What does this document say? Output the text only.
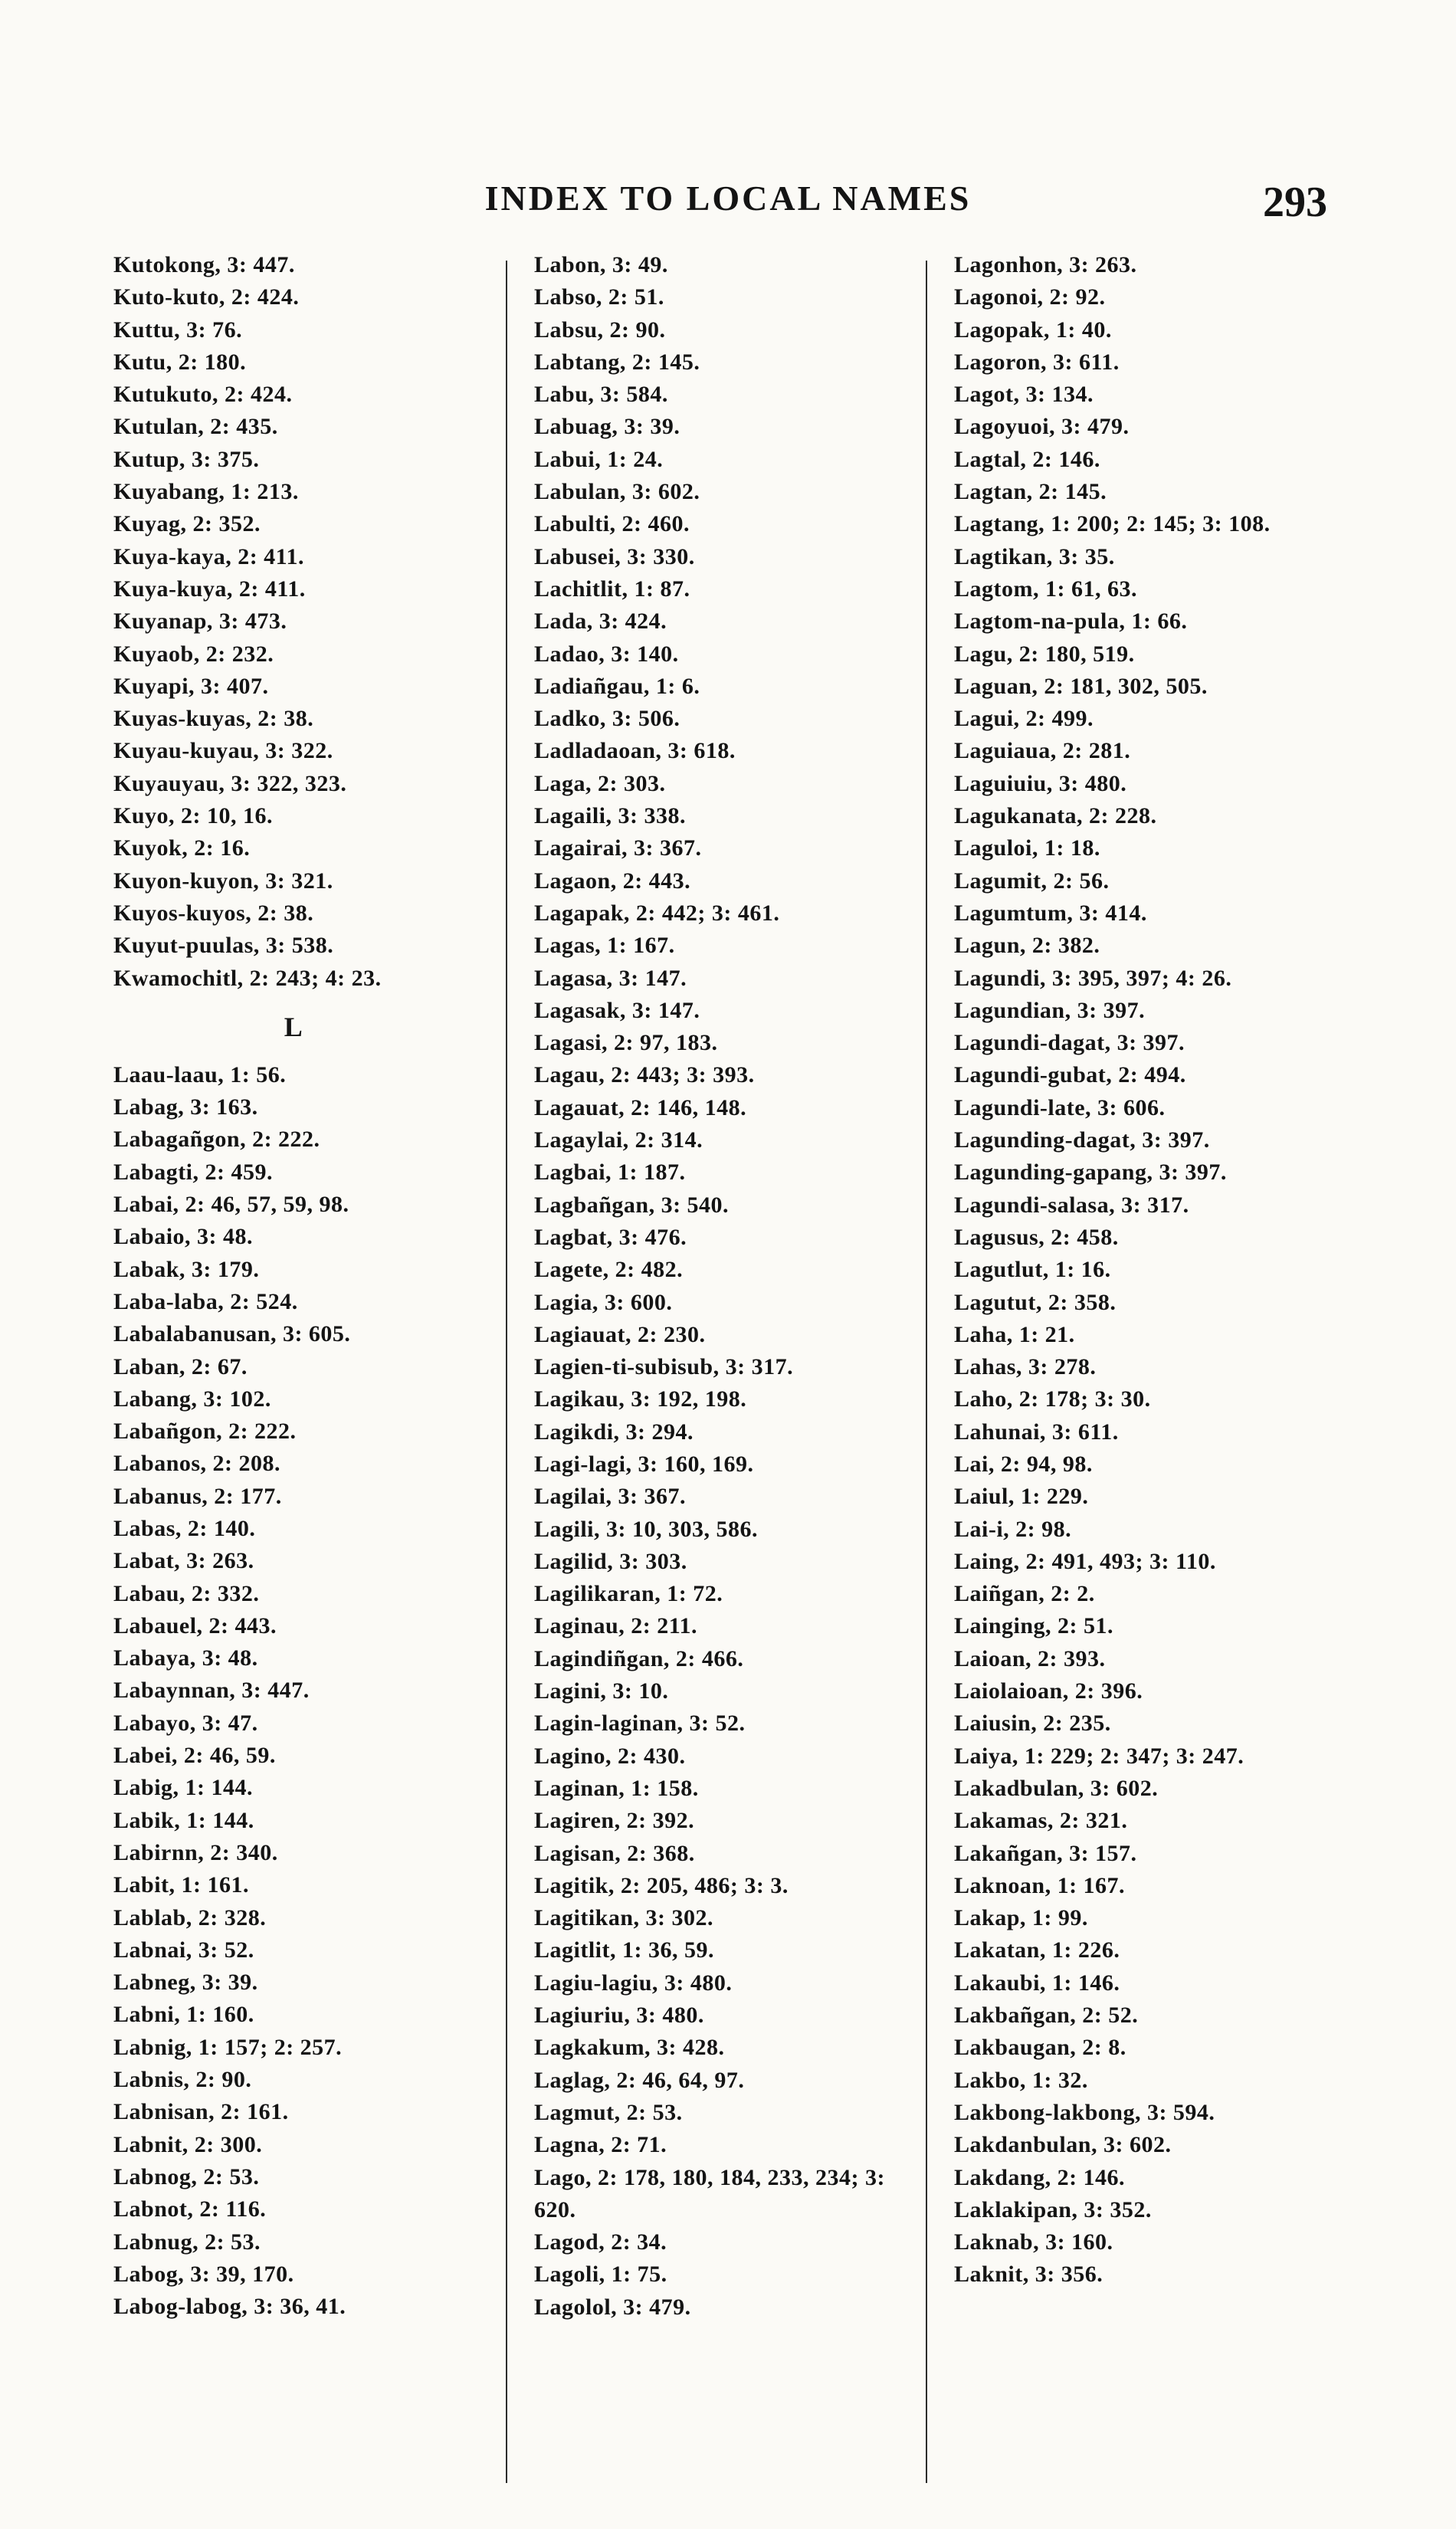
INDEX TO LOCAL NAMES	293
Kutokong, 3: 447.
Kuto-kuto, 2: 424.
Kuttu, 3: 76.
Kutu, 2: 180.
Kutukuto, 2: 424.
Kutulan, 2: 435.
Kutup, 3: 375.
Kuyabang, 1: 213.
Kuyag, 2: 352.
Kuya-kaya, 2: 411.
Kuya-kuya, 2: 411.
Kuyanap, 3: 473.
Kuyaob, 2: 232.
Kuyapi, 3: 407.
Kuyas-kuyas, 2: 38.
Kuyau-kuyau, 3: 322.
Kuyauyau, 3: 322, 323.
Kuyo, 2: 10, 16.
Kuyok, 2: 16.
Kuyon-kuyon, 3: 321.
Kuyos-kuyos, 2: 38.
Kuyut-puulas, 3: 538.
Kwamochitl, 2: 243; 4: 23.
L
Laau-laau, 1: 56.
Labag, 3: 163.
Labagañgon, 2: 222.
Labagti, 2: 459.
Labai, 2: 46, 57, 59, 98.
Labaio, 3: 48.
Labak, 3: 179.
Laba-laba, 2: 524.
Labalabanusan, 3: 605.
Laban, 2: 67.
Labang, 3: 102.
Labañgon, 2: 222.
Labanos, 2: 208.
Labanus, 2: 177.
Labas, 2: 140.
Labat, 3: 263.
Labau, 2: 332.
Labauel, 2: 443.
Labaya, 3: 48.
Labaynnan, 3: 447.
Labayo, 3: 47.
Labei, 2: 46, 59.
Labig, 1: 144.
Labik, 1: 144.
Labirnn, 2: 340.
Labit, 1: 161.
Lablab, 2: 328.
Labnai, 3: 52.
Labneg, 3: 39.
Labni, 1: 160.
Labnig, 1: 157; 2: 257.
Labnis, 2: 90.
Labnisan, 2: 161.
Labnit, 2: 300.
Labnog, 2: 53.
Labnot, 2: 116.
Labnug, 2: 53.
Labog, 3: 39, 170.
Labog-labog, 3: 36, 41.
Labon, 3: 49.
Labso, 2: 51.
Labsu, 2: 90.
Labtang, 2: 145.
Labu, 3: 584.
Labuag, 3: 39.
Labui, 1: 24.
Labulan, 3: 602.
Labulti, 2: 460.
Labusei, 3: 330.
Lachitlit, 1: 87.
Lada, 3: 424.
Ladao, 3: 140.
Ladiañgau, 1: 6.
Ladko, 3: 506.
Ladladaoan, 3: 618.
Laga, 2: 303.
Lagaili, 3: 338.
Lagairai, 3: 367.
Lagaon, 2: 443.
Lagapak, 2: 442; 3: 461.
Lagas, 1: 167.
Lagasa, 3: 147.
Lagasak, 3: 147.
Lagasi, 2: 97, 183.
Lagau, 2: 443; 3: 393.
Lagauat, 2: 146, 148.
Lagaylai, 2: 314.
Lagbai, 1: 187.
Lagbañgan, 3: 540.
Lagbat, 3: 476.
Lagete, 2: 482.
Lagia, 3: 600.
Lagiauat, 2: 230.
Lagien-ti-subisub, 3: 317.
Lagikau, 3: 192, 198.
Lagikdi, 3: 294.
Lagi-lagi, 3: 160, 169.
Lagilai, 3: 367.
Lagili, 3: 10, 303, 586.
Lagilid, 3: 303.
Lagilikaran, 1: 72.
Laginau, 2: 211.
Lagindiñgan, 2: 466.
Lagini, 3: 10.
Lagin-laginan, 3: 52.
Lagino, 2: 430.
Laginan, 1: 158.
Lagiren, 2: 392.
Lagisan, 2: 368.
Lagitik, 2: 205, 486; 3: 3.
Lagitikan, 3: 302.
Lagitlit, 1: 36, 59.
Lagiu-lagiu, 3: 480.
Lagiuriu, 3: 480.
Lagkakum, 3: 428.
Laglag, 2: 46, 64, 97.
Lagmut, 2: 53.
Lagna, 2: 71.
Lago, 2: 178, 180, 184, 233, 234; 3: 620.
Lagod, 2: 34.
Lagoli, 1: 75.
Lagolol, 3: 479.
Lagonhon, 3: 263.
Lagonoi, 2: 92.
Lagopak, 1: 40.
Lagoron, 3: 611.
Lagot, 3: 134.
Lagoyuoi, 3: 479.
Lagtal, 2: 146.
Lagtan, 2: 145.
Lagtang, 1: 200; 2: 145; 3: 108.
Lagtikan, 3: 35.
Lagtom, 1: 61, 63.
Lagtom-na-pula, 1: 66.
Lagu, 2: 180, 519.
Laguan, 2: 181, 302, 505.
Lagui, 2: 499.
Laguiaua, 2: 281.
Laguiuiu, 3: 480.
Lagukanata, 2: 228.
Laguloi, 1: 18.
Lagumit, 2: 56.
Lagumtum, 3: 414.
Lagun, 2: 382.
Lagundi, 3: 395, 397; 4: 26.
Lagundian, 3: 397.
Lagundi-dagat, 3: 397.
Lagundi-gubat, 2: 494.
Lagundi-late, 3: 606.
Lagunding-dagat, 3: 397.
Lagunding-gapang, 3: 397.
Lagundi-salasa, 3: 317.
Lagusus, 2: 458.
Lagutlut, 1: 16.
Lagutut, 2: 358.
Laha, 1: 21.
Lahas, 3: 278.
Laho, 2: 178; 3: 30.
Lahunai, 3: 611.
Lai, 2: 94, 98.
Laiul, 1: 229.
Lai-i, 2: 98.
Laing, 2: 491, 493; 3: 110.
Laiñgan, 2: 2.
Lainging, 2: 51.
Laioan, 2: 393.
Laiolaioan, 2: 396.
Laiusin, 2: 235.
Laiya, 1: 229; 2: 347; 3: 247.
Lakadbulan, 3: 602.
Lakamas, 2: 321.
Lakañgan, 3: 157.
Laknoan, 1: 167.
Lakap, 1: 99.
Lakatan, 1: 226.
Lakaubi, 1: 146.
Lakbañgan, 2: 52.
Lakbaugan, 2: 8.
Lakbo, 1: 32.
Lakbong-lakbong, 3: 594.
Lakdanbulan, 3: 602.
Lakdang, 2: 146.
Laklakipan, 3: 352.
Laknab, 3: 160.
Laknit, 3: 356.
